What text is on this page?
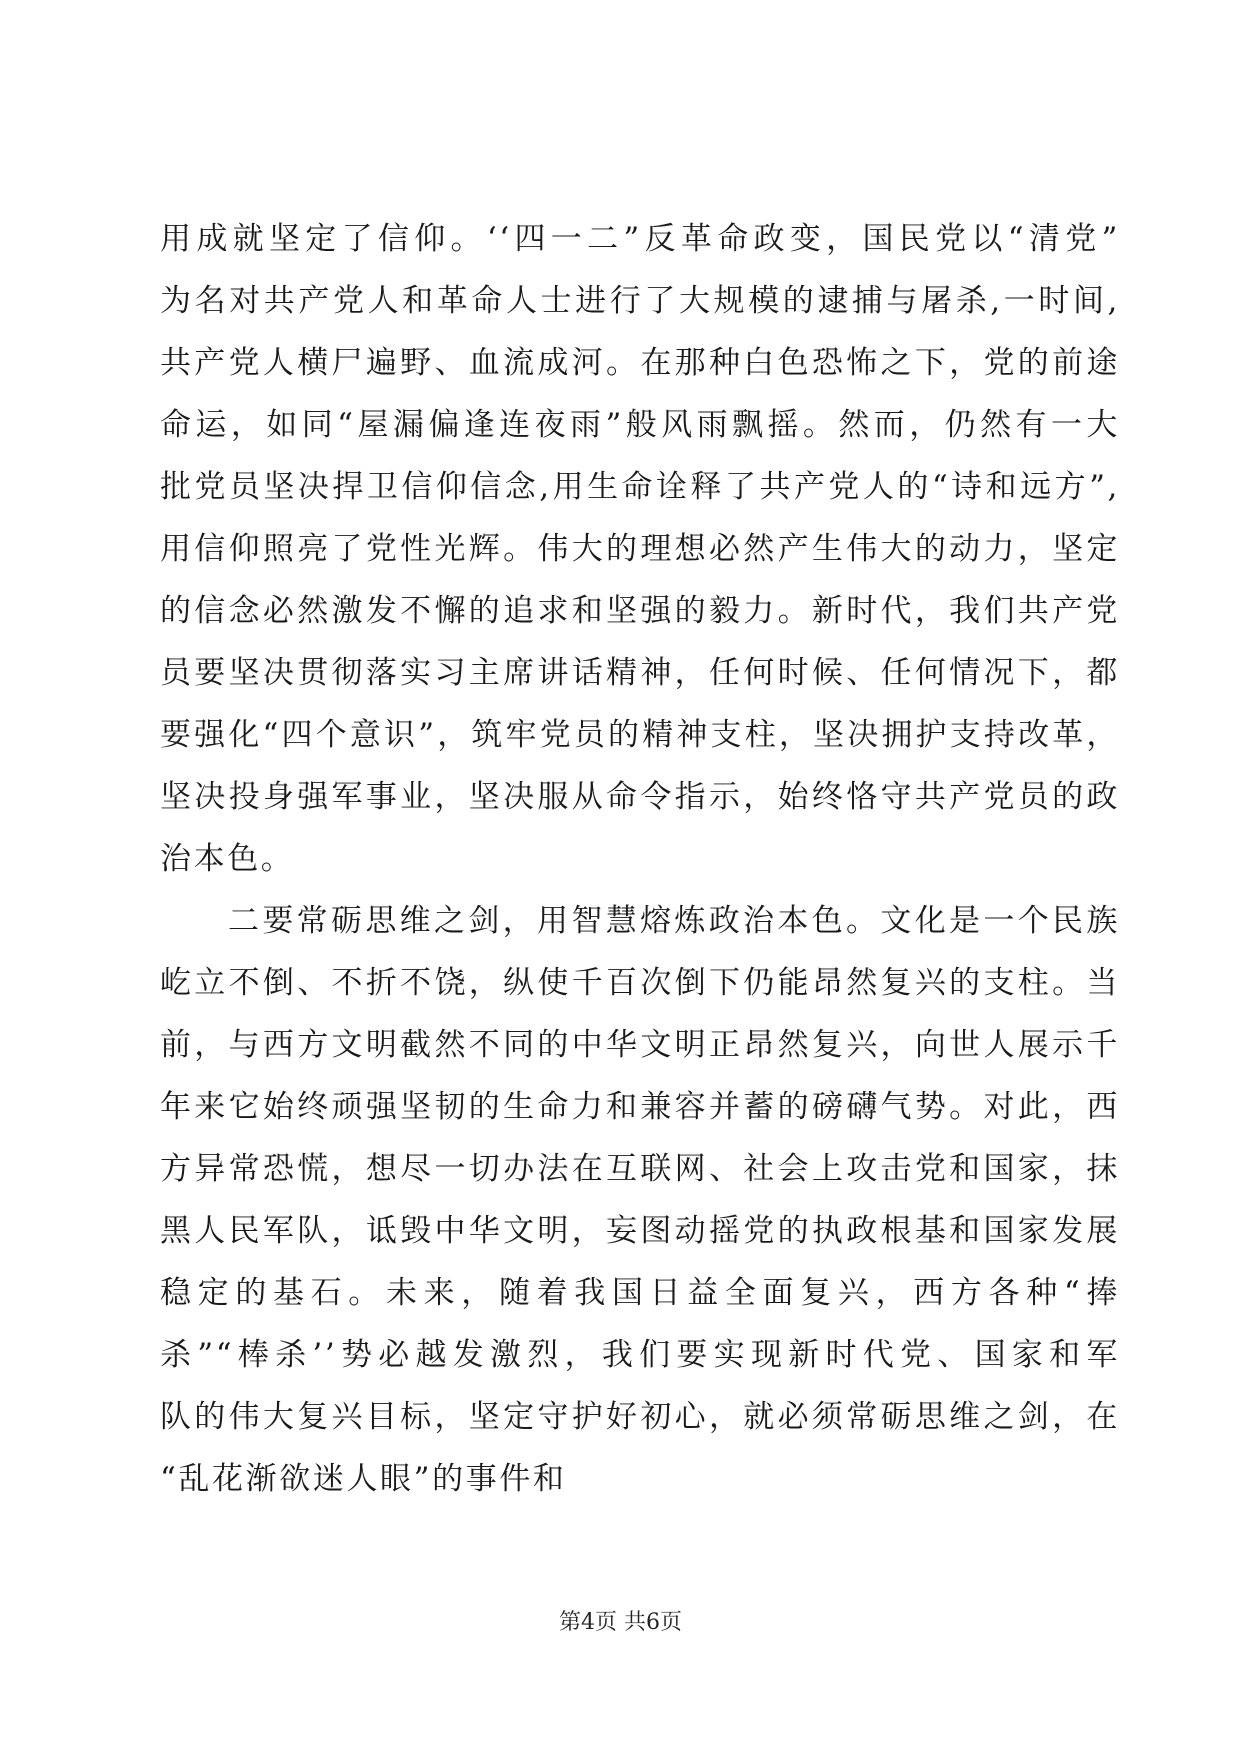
用成就坚定了信仰。‘‘四一二”反革命政变，国民党以“清党”
为名对共产党人和革命人士进行了大规模的逮捕与屠杀,一时间,
共产党人横尸遍野、血流成河。在那种白色恐怖之下，党的前途
命运，如同“屋漏偏逢连夜雨”般风雨飘摇。然而，仍然有一大
批党员坚决捍卫信仰信念,用生命诠释了共产党人的“诗和远方”,
用信仰照亮了党性光辉。伟大的理想必然产生伟大的动力，坚定
的信念必然激发不懈的追求和坚强的毅力。新时代，我们共产党
员要坚决贯彻落实习主席讲话精神，任何时候、任何情况下，都
要强化“四个意识”，筑牢党员的精神支柱，坚决拥护支持改革，
坚决投身强军事业，坚决服从命令指示，始终恪守共产党员的政
治本色。
二要常砺思维之剑，用智慧熔炼政治本色。文化是一个民族
屹立不倒、不折不饶，纵使千百次倒下仍能昂然复兴的支柱。当
前，与西方文明截然不同的中华文明正昂然复兴，向世人展示千
年来它始终顽强坚韧的生命力和兼容并蓄的磅礴气势。对此，西
方异常恐慌，想尽一切办法在互联网、社会上攻击党和国家，抹
黑人民军队，诋毁中华文明，妄图动摇党的执政根基和国家发展
稳定的基石。未来，随着我国日益全面复兴，西方各种“捧
杀”“棒杀’’势必越发激烈，我们要实现新时代党、国家和军
队的伟大复兴目标，坚定守护好初心，就必须常砺思维之剑，在
“乱花渐欲迷人眼”的事件和
第4页 共6页
